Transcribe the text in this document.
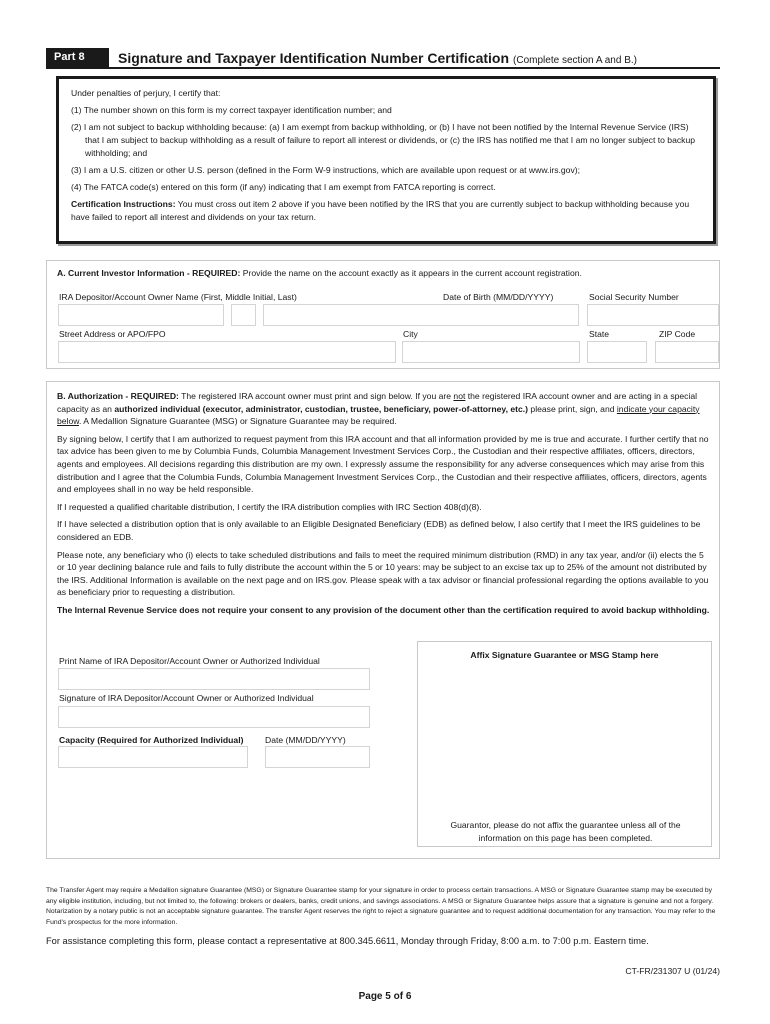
Part 8	Signature and Taxpayer Identification Number Certification (Complete section A and B.)

Under penalties of perjury, I certify that:

(1) The number shown on this form is my correct taxpayer identification number; and

(2) I am not subject to backup withholding because: (a) I am exempt from backup withholding, or (b) I have not been notified by the Internal Revenue Service (IRS) that I am subject to backup withholding as a result of failure to report all interest or dividends, or (c) the IRS has notified me that I am no longer subject to backup withholding; and

(3) I am a U.S. citizen or other U.S. person (defined in the Form W-9 instructions, which are available upon request or at www.irs.gov);

(4) The FATCA code(s) entered on this form (if any) indicating that I am exempt from FATCA reporting is correct.

Certification Instructions: You must cross out item 2 above if you have been notified by the IRS that you are currently subject to backup withholding because you have failed to report all interest and dividends on your tax return.

A. Current Investor Information - REQUIRED: Provide the name on the account exactly as it appears in the current account registration.
IRA Depositor/Account Owner Name (First, Middle Initial, Last)	Date of Birth (MM/DD/YYYY)	Social Security Number
Street Address or APO/FPO	City	State	ZIP Code

B. Authorization - REQUIRED: The registered IRA account owner must print and sign below. If you are not the registered IRA account owner and are acting in a special capacity as an authorized individual (executor, administrator, custodian, trustee, beneficiary, power-of-attorney, etc.) please print, sign, and indicate your capacity below. A Medallion Signature Guarantee (MSG) or Signature Guarantee may be required.

By signing below, I certify that I am authorized to request payment from this IRA account and that all information provided by me is true and accurate. I further certify that no tax advice has been given to me by Columbia Funds, Columbia Management Investment Services Corp., the Custodian and their respective affiliates, officers, directors, agents and employees. All decisions regarding this distribution are my own. I expressly assume the responsibility for any adverse consequences which may arise from this distribution and I agree that the Columbia Funds, Columbia Management Investment Services Corp., the Custodian and their respective affiliates, officers, directors, agents and employees shall in no way be held responsible.

If I requested a qualified charitable distribution, I certify the IRA distribution complies with IRC Section 408(d)(8).

If I have selected a distribution option that is only available to an Eligible Designated Beneficiary (EDB) as defined below, I also certify that I meet the IRS guidelines to be considered an EDB.

Please note, any beneficiary who (i) elects to take scheduled distributions and fails to meet the required minimum distribution (RMD) in any tax year, and/or (ii) elects the 5 or 10 year declining balance rule and fails to fully distribute the account within the 5 or 10 years: may be subject to an excise tax up to 25% of the amount not distributed by the IRS. Additional Information is available on the next page and on IRS.gov. Please speak with a tax advisor or financial professional regarding the options available to you as beneficiary prior to requesting a distribution.

The Internal Revenue Service does not require your consent to any provision of the document other than the certification required to avoid backup withholding.

Print Name of IRA Depositor/Account Owner or Authorized Individual
Signature of IRA Depositor/Account Owner or Authorized Individual
Capacity (Required for Authorized Individual)	Date (MM/DD/YYYY)
Affix Signature Guarantee or MSG Stamp here
Guarantor, please do not affix the guarantee unless all of the information on this page has been completed.
The Transfer Agent may require a Medallion signature Guarantee (MSG) or Signature Guarantee stamp for your signature in order to process certain transactions. A MSG or Signature Guarantee stamp may be executed by any eligible institution, including, but not limited to, the following: brokers or dealers, banks, credit unions, and savings associations. A MSG or Signature Guarantee helps assure that a signature is genuine and not a forgery. Notarization by a notary public is not an acceptable signature guarantee. The transfer Agent reserves the right to reject a signature guarantee and to request additional documentation for any transaction. You may refer to the Fund's prospectus for the more information.
For assistance completing this form, please contact a representative at 800.345.6611, Monday through Friday, 8:00 a.m. to 7:00 p.m. Eastern time.
CT-FR/231307 U (01/24)
Page 5 of 6
